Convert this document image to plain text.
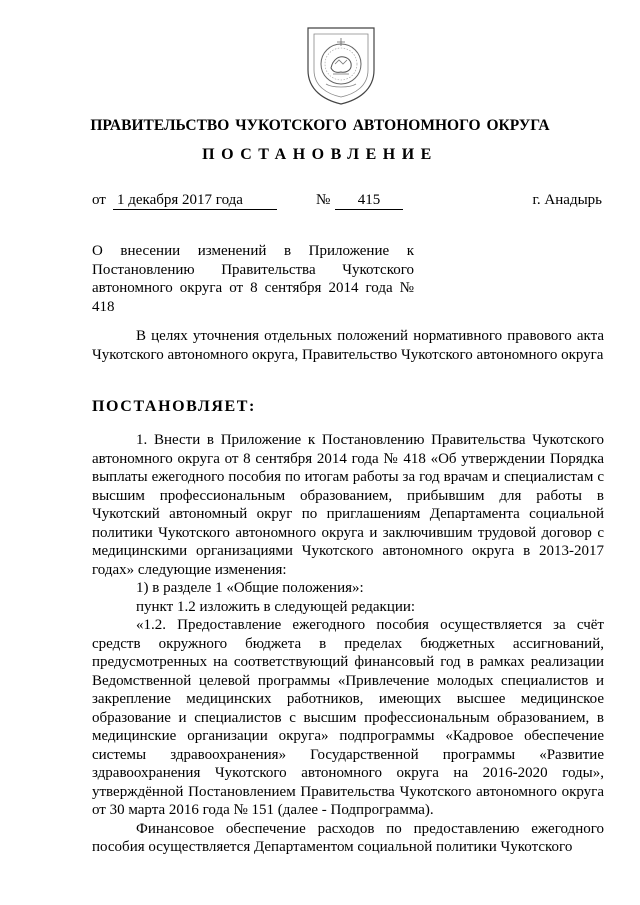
ПРАВИТЕЛЬСТВО ЧУКОТСКОГО АВТОНОМНОГО ОКРУГА
ПОСТАНОВЛЕНИЕ
от 1 декабря 2017 года	№	415	г. Анадырь
О внесении изменений в Приложение к Постановлению Правительства Чукотского автономного округа от 8 сентября 2014 года № 418
В целях уточнения отдельных положений нормативного правового акта Чукотского автономного округа, Правительство Чукотского автономного округа
ПОСТАНОВЛЯЕТ:

1. Внести в Приложение к Постановлению Правительства Чукотского автономного округа от 8 сентября 2014 года № 418 «Об утверждении Порядка выплаты ежегодного пособия по итогам работы за год врачам и специалистам с высшим профессиональным образованием, прибывшим для работы в Чукотский автономный округ по приглашениям Департамента социальной политики Чукотского автономного округа и заключившим трудовой договор с медицинскими организациями Чукотского автономного округа в 2013-2017 годах» следующие изменения:

1) в разделе 1 «Общие положения»:

пункт 1.2 изложить в следующей редакции:

«1.2. Предоставление ежегодного пособия осуществляется за счёт средств окружного бюджета в пределах бюджетных ассигнований, предусмотренных на соответствующий финансовый год в рамках реализации Ведомственной целевой программы «Привлечение молодых специалистов и закрепление медицинских работников, имеющих высшее медицинское образование и специалистов с высшим профессиональным образованием, в медицинские организации округа» подпрограммы «Кадровое обеспечение системы здравоохранения» Государственной программы «Развитие здравоохранения Чукотского автономного округа на 2016-2020 годы», утверждённой Постановлением Правительства Чукотского автономного округа от 30 марта 2016 года № 151 (далее - Подпрограмма).

Финансовое обеспечение расходов по предоставлению ежегодного пособия осуществляется Департаментом социальной политики Чукотского
